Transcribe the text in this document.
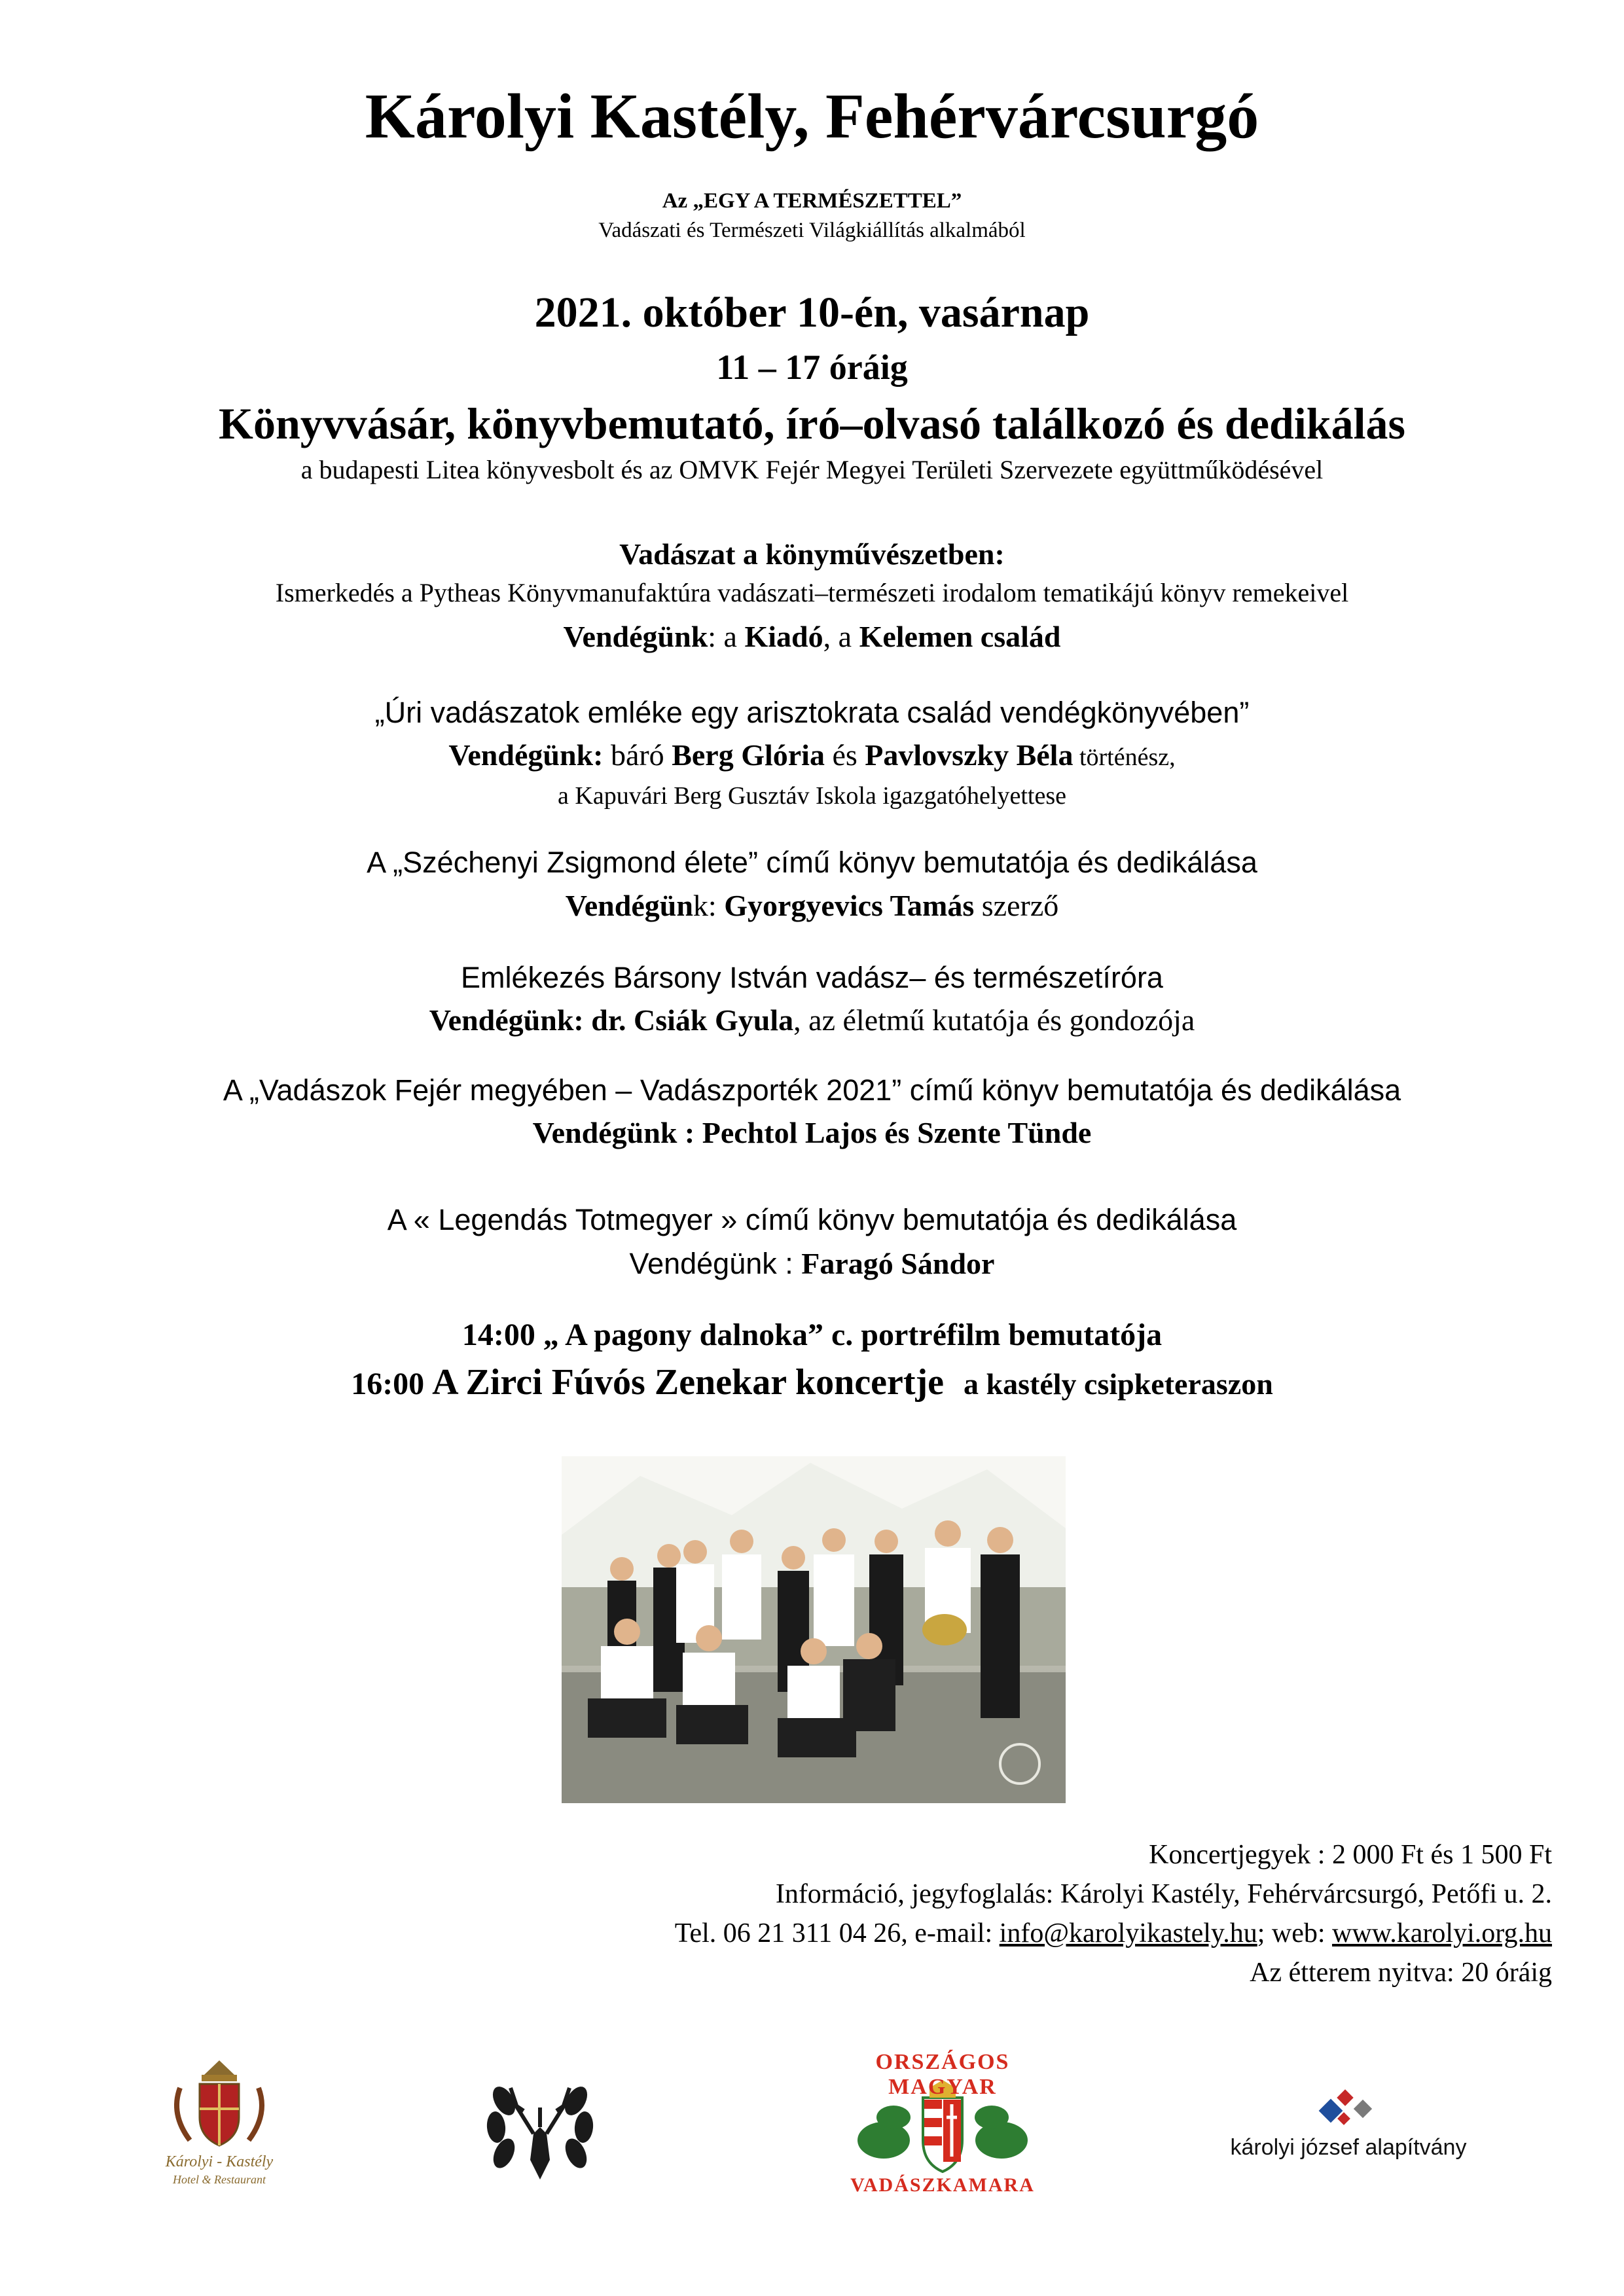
Károlyi Kastély, Fehérvárcsurgó

Az „EGY A TERMÉSZETTEL”

Vadászati és Természeti Világkiállítás alkalmából

2021. október 10-én, vasárnap

11 – 17 óráig

Könyvvásár, könyvbemutató, író–olvasó találkozó és dedikálás

a budapesti Litea könyvesbolt és az OMVK Fejér Megyei Területi Szervezete együttműködésével

Vadászat a könyművészetben:

Ismerkedés a Pytheas Könyvmanufaktúra vadászati–természeti irodalom tematikájú könyv remekeivel

Vendégünk: a Kiadó, a Kelemen család

„Úri vadászatok emléke egy arisztokrata család vendégkönyvében”

Vendégünk: báró Berg Glória és Pavlovszky Béla történész,

a Kapuvári Berg Gusztáv Iskola igazgatóhelyettese

A „Széchenyi Zsigmond élete” című könyv bemutatója és dedikálása

Vendégünk: Gyorgyevics Tamás szerző

Emlékezés Bársony István vadász– és természetíróra

Vendégünk: dr. Csiák Gyula, az életmű kutatója és gondozója

A „Vadászok Fejér megyében – Vadászporték 2021” című könyv bemutatója és dedikálása

Vendégünk : Pechtol Lajos és Szente Tünde

A « Legendás Totmegyer » című könyv bemutatója és dedikálása

Vendégünk : Faragó Sándor

14:00 „ A pagony dalnoka” c. portréfilm bemutatója

16:00 A Zirci Fúvós Zenekar koncertje a kastély csipketeraszon

Koncertjegyek : 2 000 Ft és 1 500 Ft

Információ, jegyfoglalás: Károlyi Kastély, Fehérvárcsurgó, Petőfi u. 2.

Tel. 06 21 311 04 26, e-mail: info@karolyikastely.hu; web: www.karolyi.org.hu

Az étterem nyitva: 20 óráig

Károlyi - Kastély
Hotel & Restaurant
ORSZÁGOS MAGYAR
VADÁSZKAMARA
károlyi józsef alapítvány
